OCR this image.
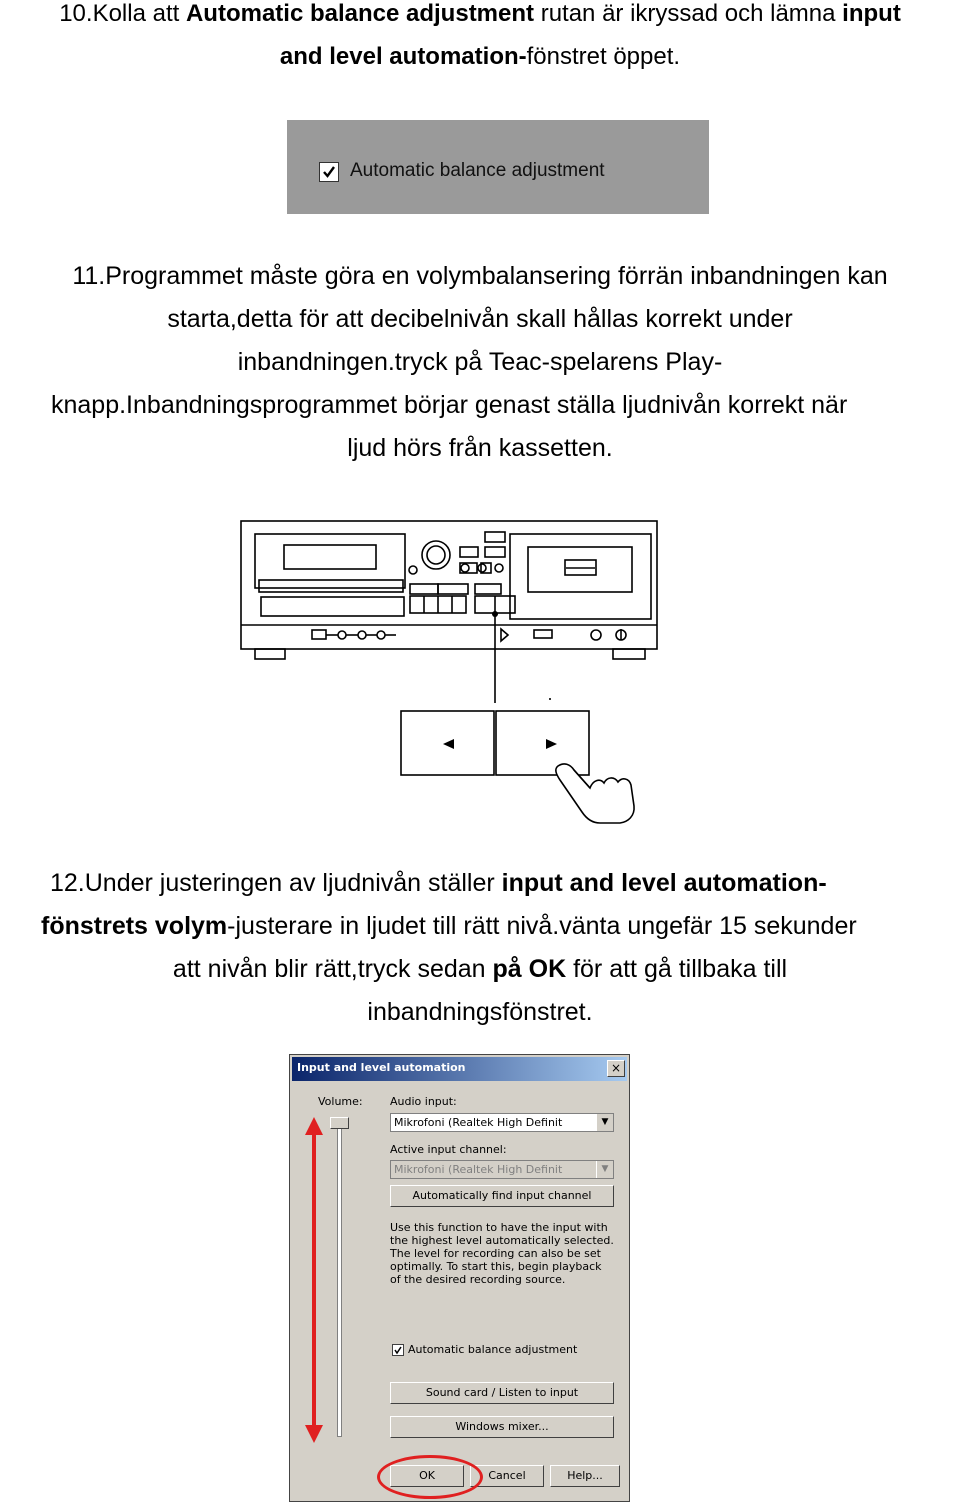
10.Kolla att Automatic balance adjustment rutan är ikryssad och lämna input
and level automation-fönstret öppet.
Automatic balance adjustment
11.Programmet måste göra en volymbalansering förrän inbandningen kan
starta,detta för att decibelnivån skall hållas korrekt under
inbandningen.tryck på Teac-spelarens Play-
knapp.Inbandningsprogrammet börjar genast ställa ljudnivån korrekt när
ljud hörs från kassetten.
12.Under justeringen av ljudnivån ställer input and level automation-
fönstrets volym-justerare in ljudet till rätt nivå.vänta ungefär 15 sekunder
att nivån blir rätt,tryck sedan på OK för att gå tillbaka till
inbandningsfönstret.
Input and level automation	×
Volume: Audio input:
Mikrofoni (Realtek High Definit	▼
Active input channel:
Mikrofoni (Realtek High Definit	▼
Automatically find input channel
Use this function to have the input with the highest level automatically selected. The level for recording can also be set optimally. To start this, begin playback of the desired recording source.
Automatic balance adjustment
Sound card / Listen to input
Windows mixer...
OK	Cancel	Help...
